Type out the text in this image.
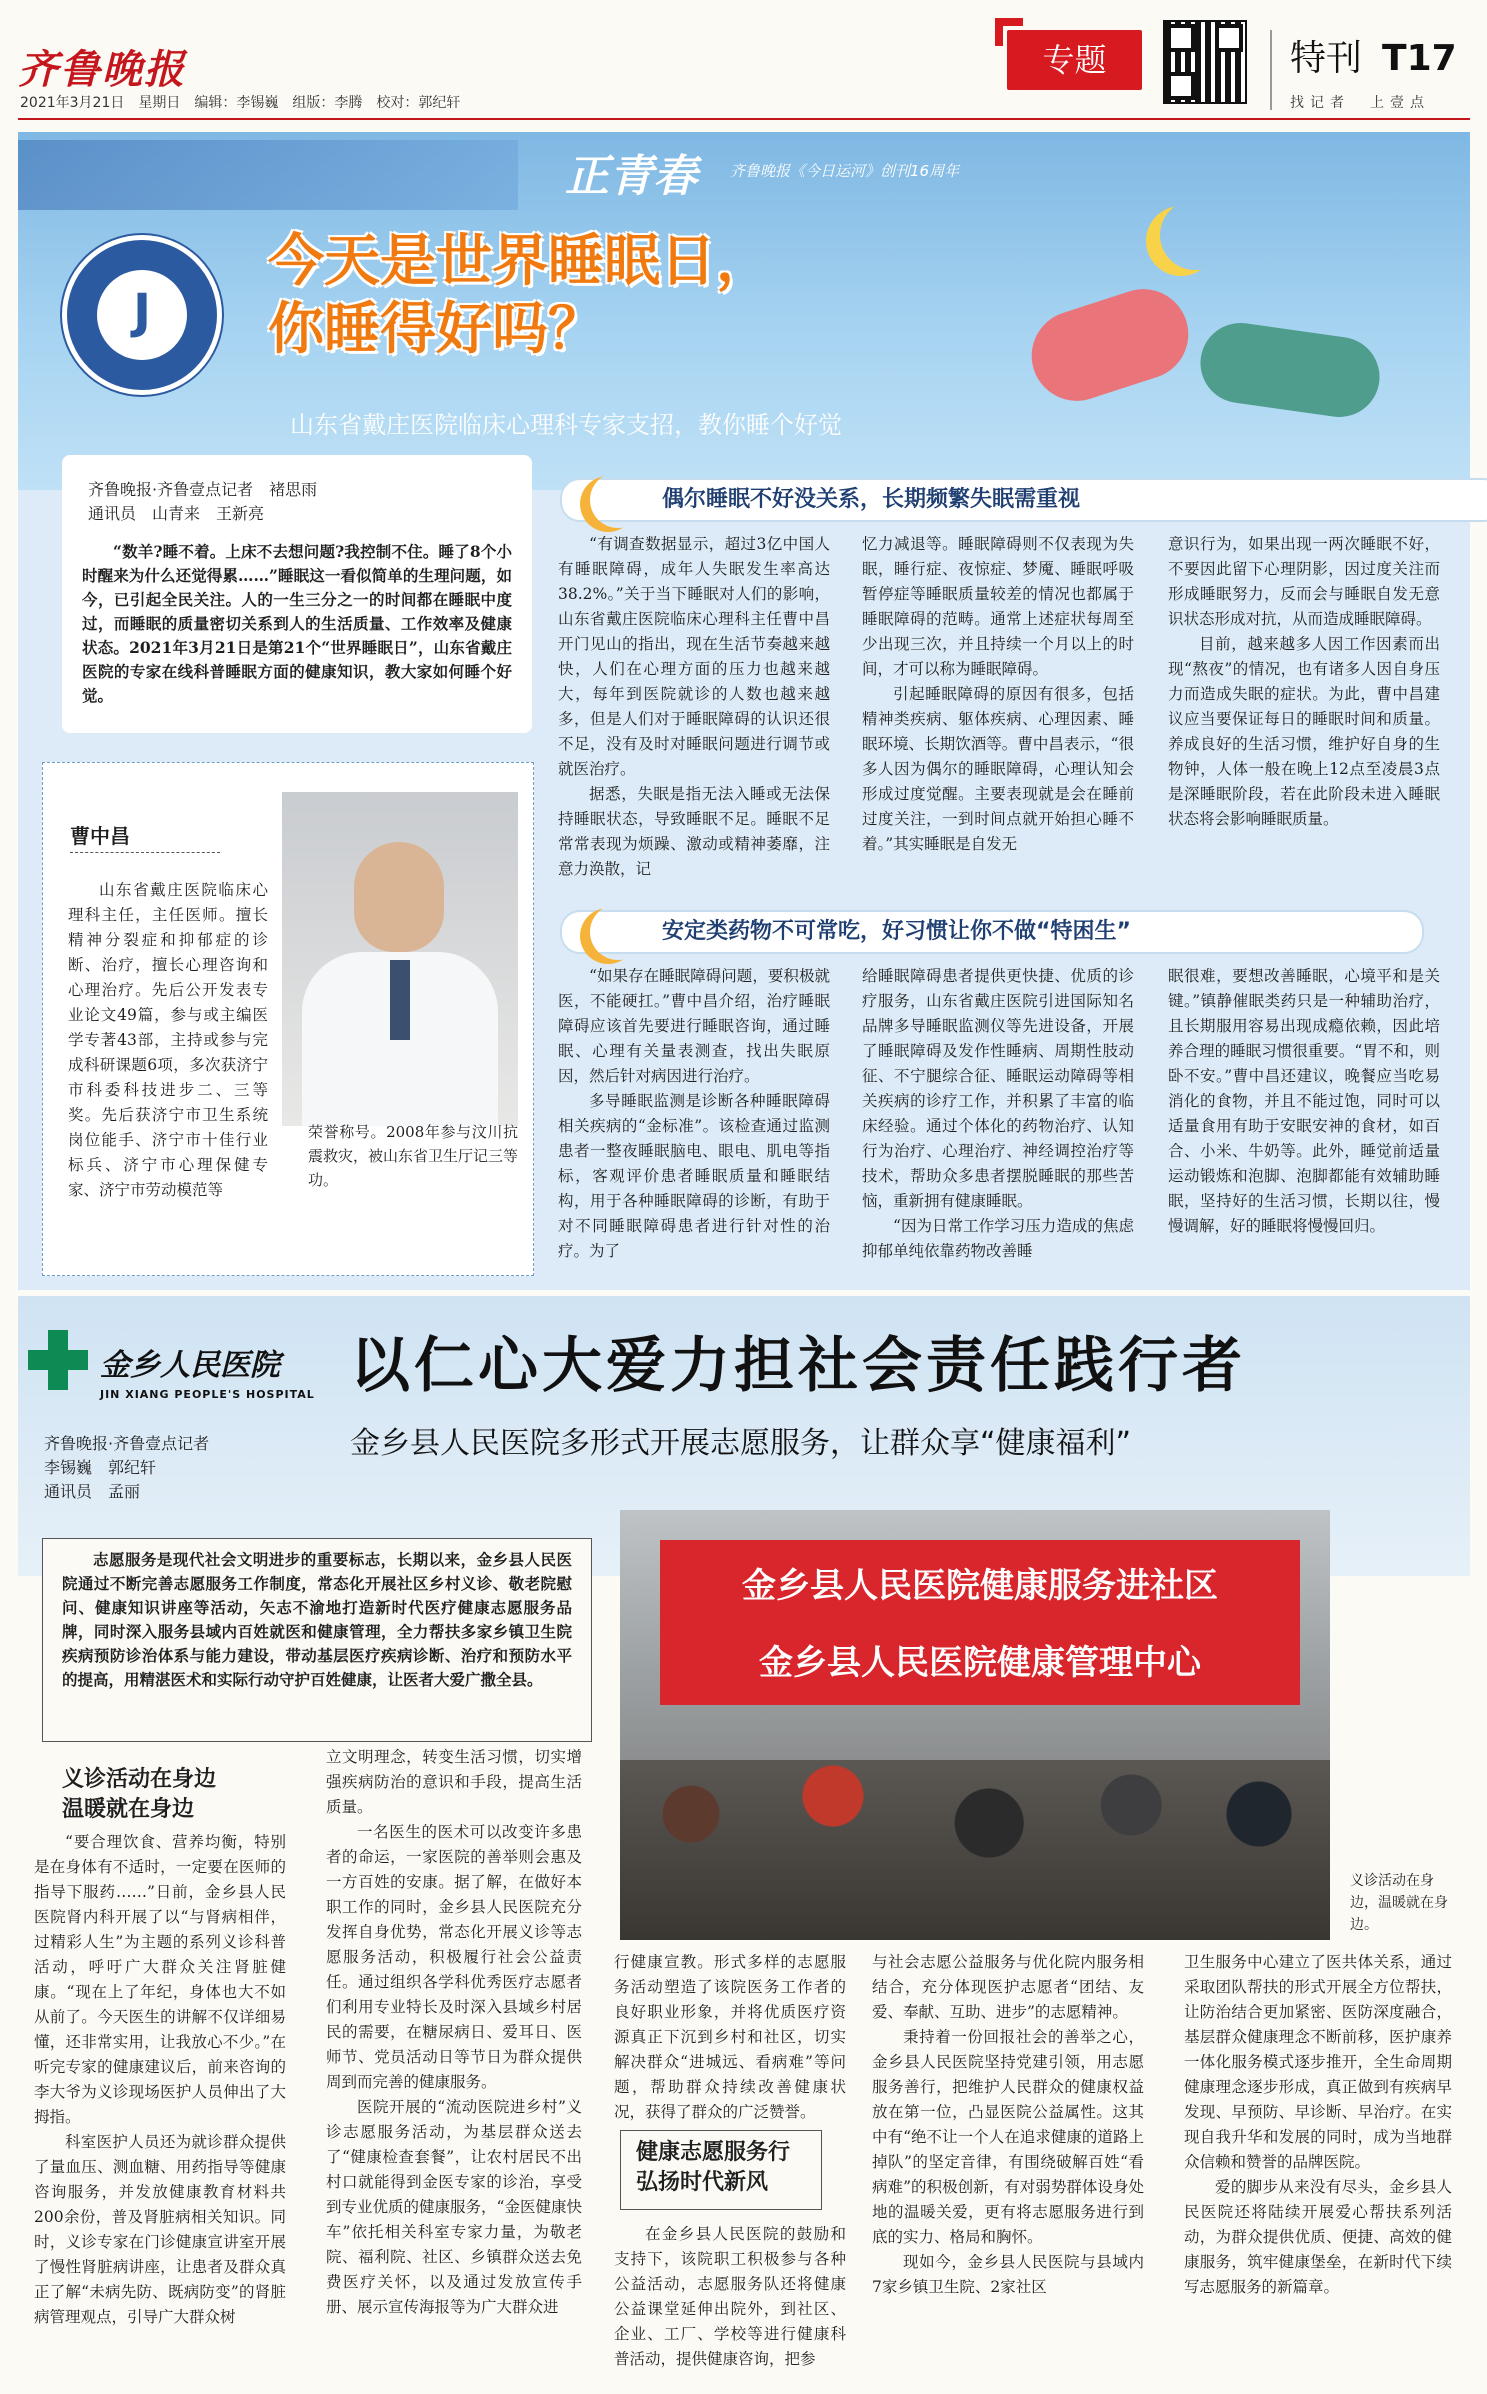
齐鲁晚报
2021年3月21日　星期日　编辑：李锡巍　组版：李腾　校对：郭纪轩
专题	特刊 T17
找记者　上壹点
正青春 齐鲁晚报《今日运河》创刊16周年
J
1952
今天是世界睡眠日，
你睡得好吗？
山东省戴庄医院临床心理科专家支招，教你睡个好觉
齐鲁晚报·齐鲁壹点记者　褚思雨
通讯员　山青来　王新亮
“数羊?睡不着。上床不去想问题?我控制不住。睡了8个小时醒来为什么还觉得累……”睡眠这一看似简单的生理问题，如今，已引起全民关注。人的一生三分之一的时间都在睡眠中度过，而睡眠的质量密切关系到人的生活质量、工作效率及健康状态。2021年3月21日是第21个“世界睡眠日”，山东省戴庄医院的专家在线科普睡眠方面的健康知识，教大家如何睡个好觉。
曹中昌
山东省戴庄医院临床心理科主任，主任医师。擅长精神分裂症和抑郁症的诊断、治疗，擅长心理咨询和心理治疗。先后公开发表专业论文49篇，参与或主编医学专著43部，主持或参与完成科研课题6项，多次获济宁市科委科技进步二、三等奖。先后获济宁市卫生系统岗位能手、济宁市十佳行业标兵、济宁市心理保健专家、济宁市劳动模范等
荣誉称号。2008年参与汶川抗震救灾，被山东省卫生厅记三等功。
偶尔睡眠不好没关系，长期频繁失眠需重视

“有调查数据显示，超过3亿中国人有睡眠障碍，成年人失眠发生率高达38.2%。”关于当下睡眠对人们的影响，山东省戴庄医院临床心理科主任曹中昌开门见山的指出，现在生活节奏越来越快，人们在心理方面的压力也越来越大，每年到医院就诊的人数也越来越多，但是人们对于睡眠障碍的认识还很不足，没有及时对睡眠问题进行调节或就医治疗。

据悉，失眠是指无法入睡或无法保持睡眠状态，导致睡眠不足。睡眠不足常常表现为烦躁、激动或精神萎靡，注意力涣散，记

忆力减退等。睡眠障碍则不仅表现为失眠，睡行症、夜惊症、梦魇、睡眠呼吸暂停症等睡眠质量较差的情况也都属于睡眠障碍的范畴。通常上述症状每周至少出现三次，并且持续一个月以上的时间，才可以称为睡眠障碍。

引起睡眠障碍的原因有很多，包括精神类疾病、躯体疾病、心理因素、睡眠环境、长期饮酒等。曹中昌表示，“很多人因为偶尔的睡眠障碍，心理认知会形成过度觉醒。主要表现就是会在睡前过度关注，一到时间点就开始担心睡不着。”其实睡眠是自发无

意识行为，如果出现一两次睡眠不好，不要因此留下心理阴影，因过度关注而形成睡眠努力，反而会与睡眠自发无意识状态形成对抗，从而造成睡眠障碍。

目前，越来越多人因工作因素而出现“熬夜”的情况，也有诸多人因自身压力而造成失眠的症状。为此，曹中昌建议应当要保证每日的睡眠时间和质量。养成良好的生活习惯，维护好自身的生物钟，人体一般在晚上12点至凌晨3点是深睡眠阶段，若在此阶段未进入睡眠状态将会影响睡眠质量。

安定类药物不可常吃，好习惯让你不做“特困生”

“如果存在睡眠障碍问题，要积极就医，不能硬扛。”曹中昌介绍，治疗睡眠障碍应该首先要进行睡眠咨询，通过睡眠、心理有关量表测查，找出失眠原因，然后针对病因进行治疗。

多导睡眠监测是诊断各种睡眠障碍相关疾病的“金标准”。该检查通过监测患者一整夜睡眠脑电、眼电、肌电等指标，客观评价患者睡眠质量和睡眠结构，用于各种睡眠障碍的诊断，有助于对不同睡眠障碍患者进行针对性的治疗。为了

给睡眠障碍患者提供更快捷、优质的诊疗服务，山东省戴庄医院引进国际知名品牌多导睡眠监测仪等先进设备，开展了睡眠障碍及发作性睡病、周期性肢动征、不宁腿综合征、睡眠运动障碍等相关疾病的诊疗工作，并积累了丰富的临床经验。通过个体化的药物治疗、认知行为治疗、心理治疗、神经调控治疗等技术，帮助众多患者摆脱睡眠的那些苦恼，重新拥有健康睡眠。

“因为日常工作学习压力造成的焦虑抑郁单纯依靠药物改善睡

眠很难，要想改善睡眠，心境平和是关键。”镇静催眠类药只是一种辅助治疗，且长期服用容易出现成瘾依赖，因此培养合理的睡眠习惯很重要。“胃不和，则卧不安。”曹中昌还建议，晚餐应当吃易消化的食物，并且不能过饱，同时可以适量食用有助于安眠安神的食材，如百合、小米、牛奶等。此外，睡觉前适量运动锻炼和泡脚、泡脚都能有效辅助睡眠，坚持好的生活习惯，长期以往，慢慢调解，好的睡眠将慢慢回归。

金乡人民医院
JIN XIANG PEOPLE'S HOSPITAL 以仁心大爱力担社会责任践行者
金乡县人民医院多形式开展志愿服务，让群众享“健康福利”
齐鲁晚报·齐鲁壹点记者
李锡巍　郭纪轩
通讯员　孟丽
志愿服务是现代社会文明进步的重要标志，长期以来，金乡县人民医院通过不断完善志愿服务工作制度，常态化开展社区乡村义诊、敬老院慰问、健康知识讲座等活动，矢志不渝地打造新时代医疗健康志愿服务品牌，同时深入服务县域内百姓就医和健康管理，全力帮扶多家乡镇卫生院疾病预防诊治体系与能力建设，带动基层医疗疾病诊断、治疗和预防水平的提高，用精湛医术和实际行动守护百姓健康，让医者大爱广撒全县。
金乡县人民医院健康服务进社区
金乡县人民医院健康管理中心
义诊活动在身边，温暖就在身边。
义诊活动在身边
温暖就在身边

“要合理饮食、营养均衡，特别是在身体有不适时，一定要在医师的指导下服药……”日前，金乡县人民医院肾内科开展了以“与肾病相伴，过精彩人生”为主题的系列义诊科普活动，呼吁广大群众关注肾脏健康。“现在上了年纪，身体也大不如从前了。今天医生的讲解不仅详细易懂，还非常实用，让我放心不少。”在听完专家的健康建议后，前来咨询的李大爷为义诊现场医护人员伸出了大拇指。

科室医护人员还为就诊群众提供了量血压、测血糖、用药指导等健康咨询服务，并发放健康教育材料共200余份，普及肾脏病相关知识。同时，义诊专家在门诊健康宣讲室开展了慢性肾脏病讲座，让患者及群众真正了解“未病先防、既病防变”的肾脏病管理观点，引导广大群众树

立文明理念，转变生活习惯，切实增强疾病防治的意识和手段，提高生活质量。

一名医生的医术可以改变许多患者的命运，一家医院的善举则会惠及一方百姓的安康。据了解，在做好本职工作的同时，金乡县人民医院充分发挥自身优势，常态化开展义诊等志愿服务活动，积极履行社会公益责任。通过组织各学科优秀医疗志愿者们利用专业特长及时深入县域乡村居民的需要，在糖尿病日、爱耳日、医师节、党员活动日等节日为群众提供周到而完善的健康服务。

医院开展的“流动医院进乡村”义诊志愿服务活动，为基层群众送去了“健康检查套餐”，让农村居民不出村口就能得到金医专家的诊治，享受到专业优质的健康服务，“金医健康快车”依托相关科室专家力量，为敬老院、福利院、社区、乡镇群众送去免费医疗关怀，以及通过发放宣传手册、展示宣传海报等为广大群众进

行健康宣教。形式多样的志愿服务活动塑造了该院医务工作者的良好职业形象，并将优质医疗资源真正下沉到乡村和社区，切实解决群众“进城远、看病难”等问题，帮助群众持续改善健康状况，获得了群众的广泛赞誉。

健康志愿服务行
弘扬时代新风

在金乡县人民医院的鼓励和支持下，该院职工积极参与各种公益活动，志愿服务队还将健康公益课堂延伸出院外，到社区、企业、工厂、学校等进行健康科普活动，提供健康咨询，把参

与社会志愿公益服务与优化院内服务相结合，充分体现医护志愿者“团结、友爱、奉献、互助、进步”的志愿精神。

秉持着一份回报社会的善举之心，金乡县人民医院坚持党建引领，用志愿服务善行，把维护人民群众的健康权益放在第一位，凸显医院公益属性。这其中有“绝不让一个人在追求健康的道路上掉队”的坚定音律，有围绕破解百姓“看病难”的积极创新，有对弱势群体设身处地的温暖关爱，更有将志愿服务进行到底的实力、格局和胸怀。

现如今，金乡县人民医院与县域内7家乡镇卫生院、2家社区

卫生服务中心建立了医共体关系，通过采取团队帮扶的形式开展全方位帮扶，让防治结合更加紧密、医防深度融合，基层群众健康理念不断前移，医护康养一体化服务模式逐步推开，全生命周期健康理念逐步形成，真正做到有疾病早发现、早预防、早诊断、早治疗。在实现自我升华和发展的同时，成为当地群众信赖和赞誉的品牌医院。

爱的脚步从来没有尽头，金乡县人民医院还将陆续开展爱心帮扶系列活动，为群众提供优质、便捷、高效的健康服务，筑牢健康堡垒，在新时代下续写志愿服务的新篇章。
